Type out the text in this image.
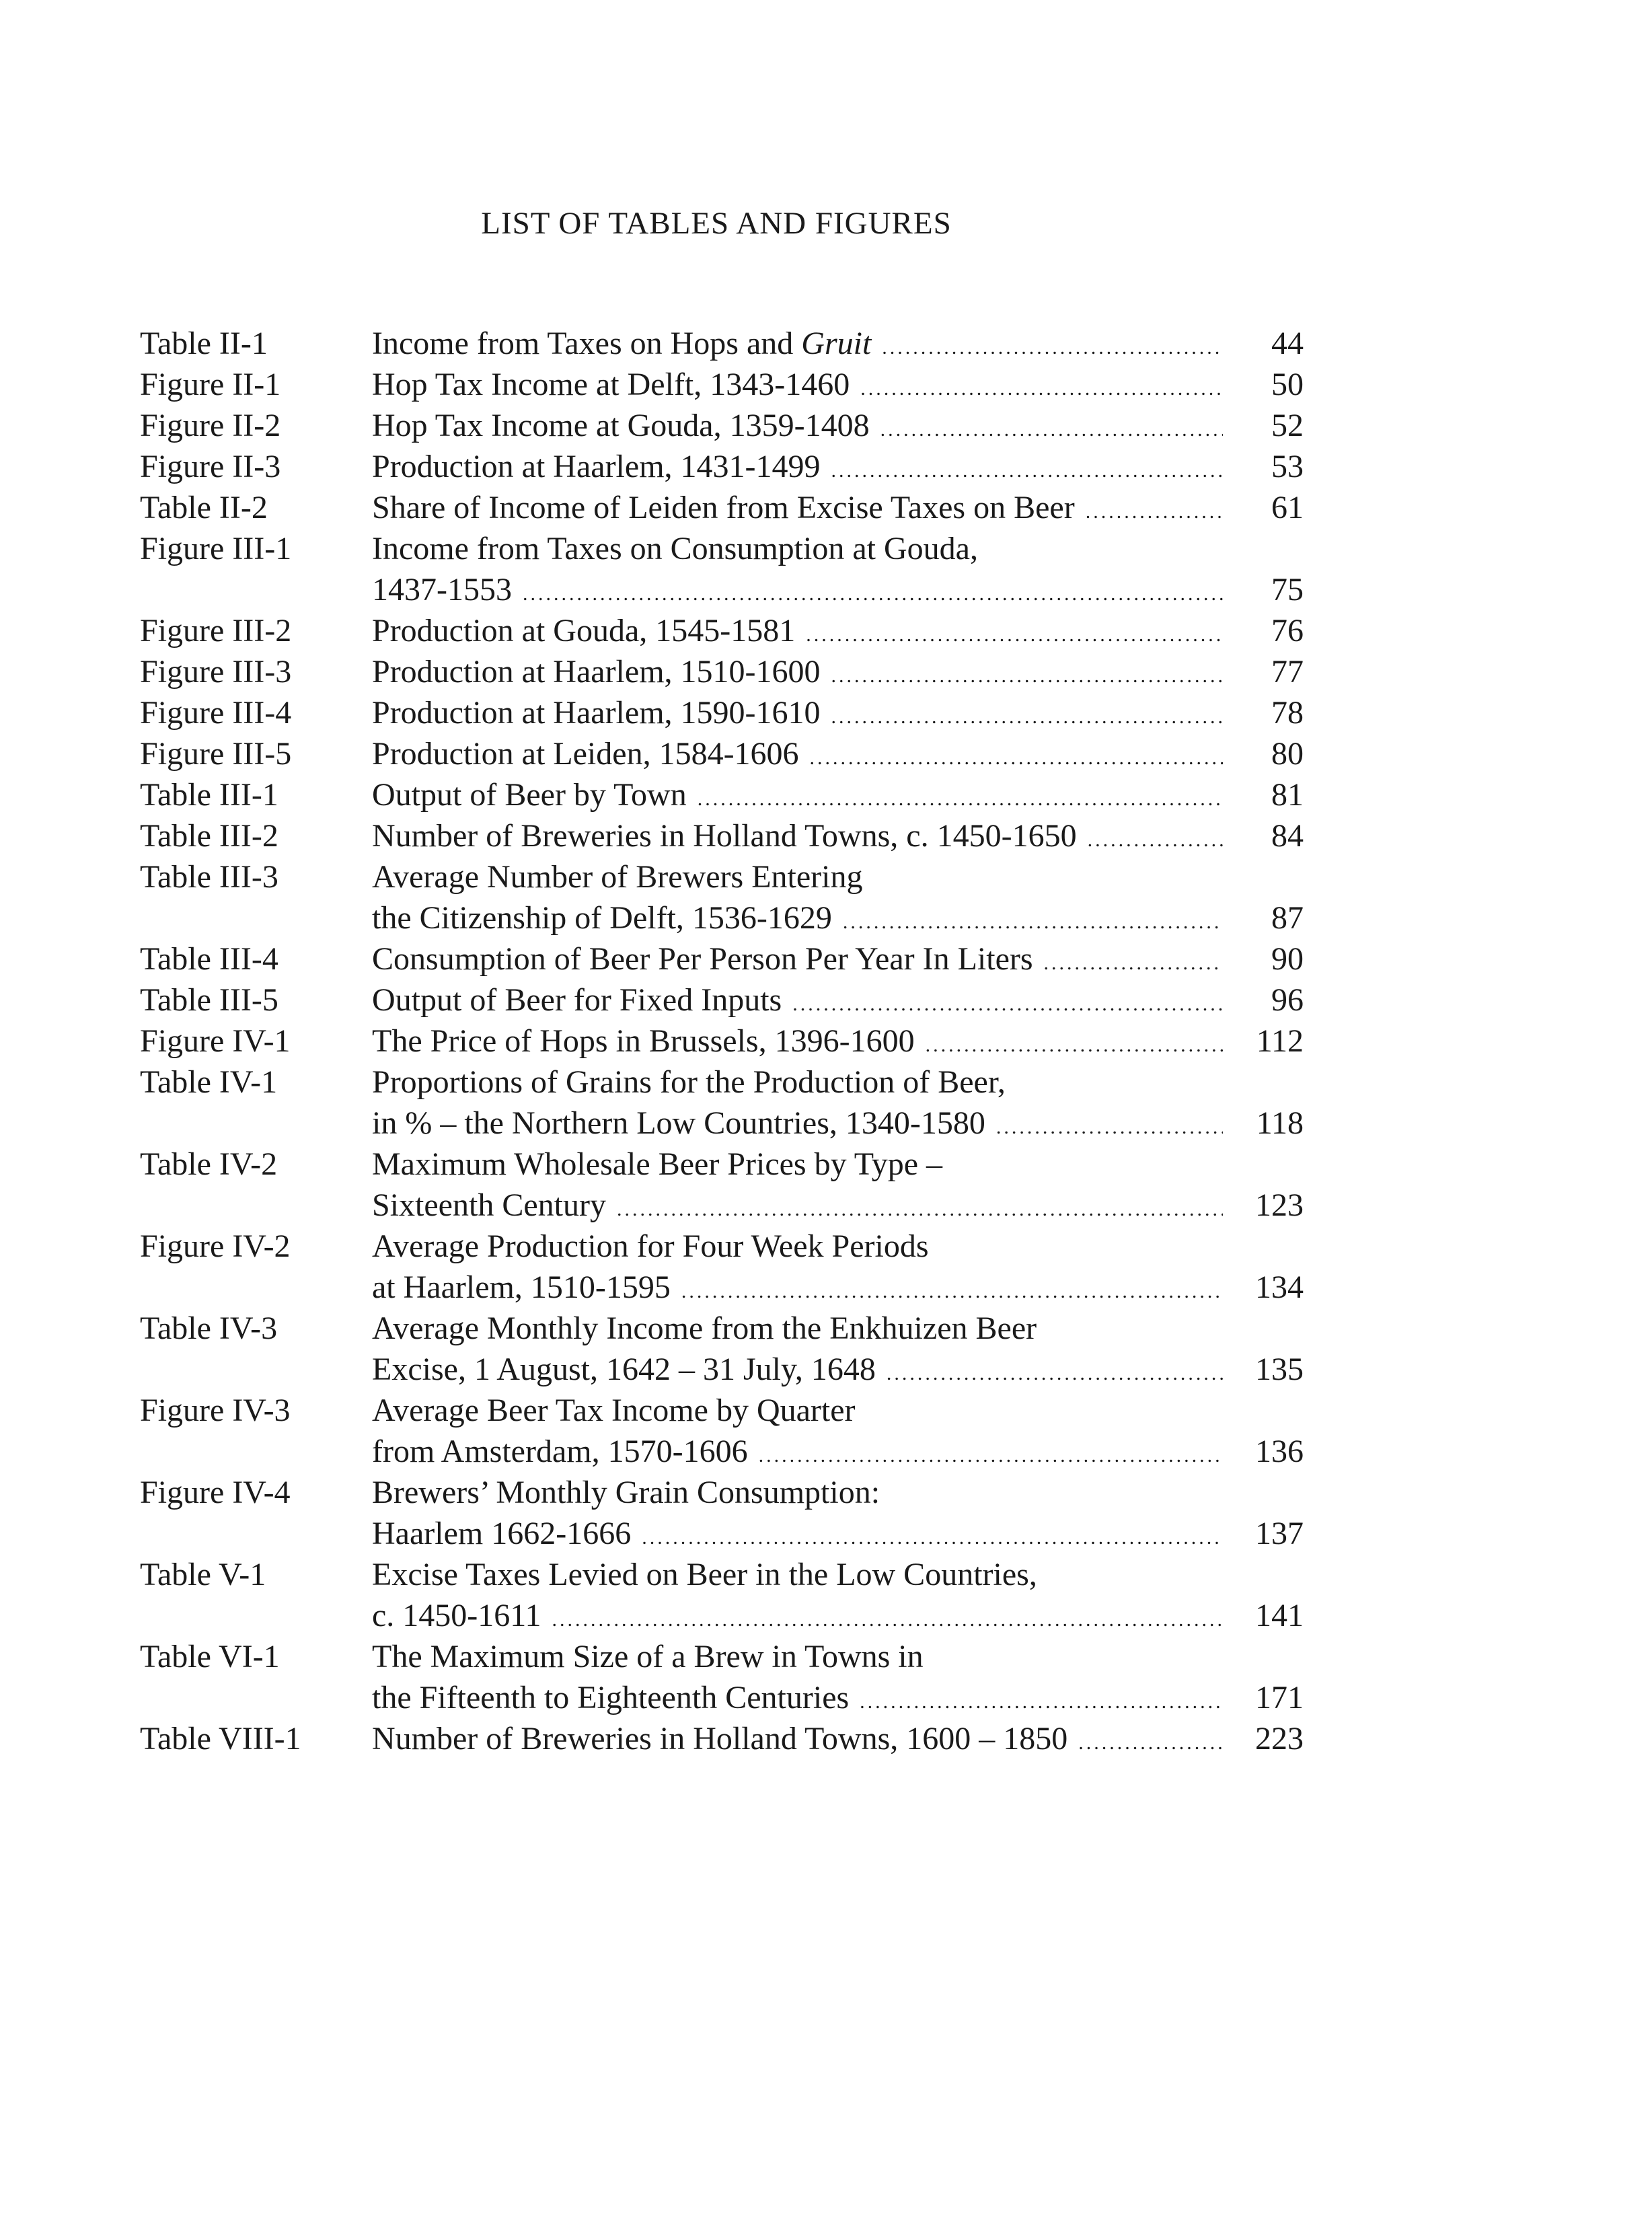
LIST OF TABLES AND FIGURES
Table II-1	Income from Taxes on Hops and Gruit .....	44
Figure II-1	Hop Tax Income at Delft, 1343-1460 .....	50
Figure II-2	Hop Tax Income at Gouda, 1359-1408 .....	52
Figure II-3	Production at Haarlem, 1431-1499 .....	53
Table II-2	Share of Income of Leiden from Excise Taxes on Beer .....	61
Figure III-1	Income from Taxes on Consumption at Gouda,
1437-1553 .....	75
Figure III-2	Production at Gouda, 1545-1581 .....	76
Figure III-3	Production at Haarlem, 1510-1600 .....	77
Figure III-4	Production at Haarlem, 1590-1610 .....	78
Figure III-5	Production at Leiden, 1584-1606 .....	80
Table III-1	Output of Beer by Town .....	81
Table III-2	Number of Breweries in Holland Towns, c. 1450-1650 .....	84
Table III-3	Average Number of Brewers Entering
the Citizenship of Delft, 1536-1629 .....	87
Table III-4	Consumption of Beer Per Person Per Year In Liters .....	90
Table III-5	Output of Beer for Fixed Inputs .....	96
Figure IV-1	The Price of Hops in Brussels, 1396-1600 .....	112
Table IV-1	Proportions of Grains for the Production of Beer,
in % – the Northern Low Countries, 1340-1580 .....	118
Table IV-2	Maximum Wholesale Beer Prices by Type –
Sixteenth Century .....	123
Figure IV-2	Average Production for Four Week Periods
at Haarlem, 1510-1595 .....	134
Table IV-3	Average Monthly Income from the Enkhuizen Beer
Excise, 1 August, 1642 – 31 July, 1648 .....	135
Figure IV-3	Average Beer Tax Income by Quarter
from Amsterdam, 1570-1606 .....	136
Figure IV-4	Brewers’ Monthly Grain Consumption:
Haarlem 1662-1666 .....	137
Table V-1	Excise Taxes Levied on Beer in the Low Countries,
c. 1450-1611 .....	141
Table VI-1	The Maximum Size of a Brew in Towns in
the Fifteenth to Eighteenth Centuries .....	171
Table VIII-1	Number of Breweries in Holland Towns, 1600 – 1850 .....	223
